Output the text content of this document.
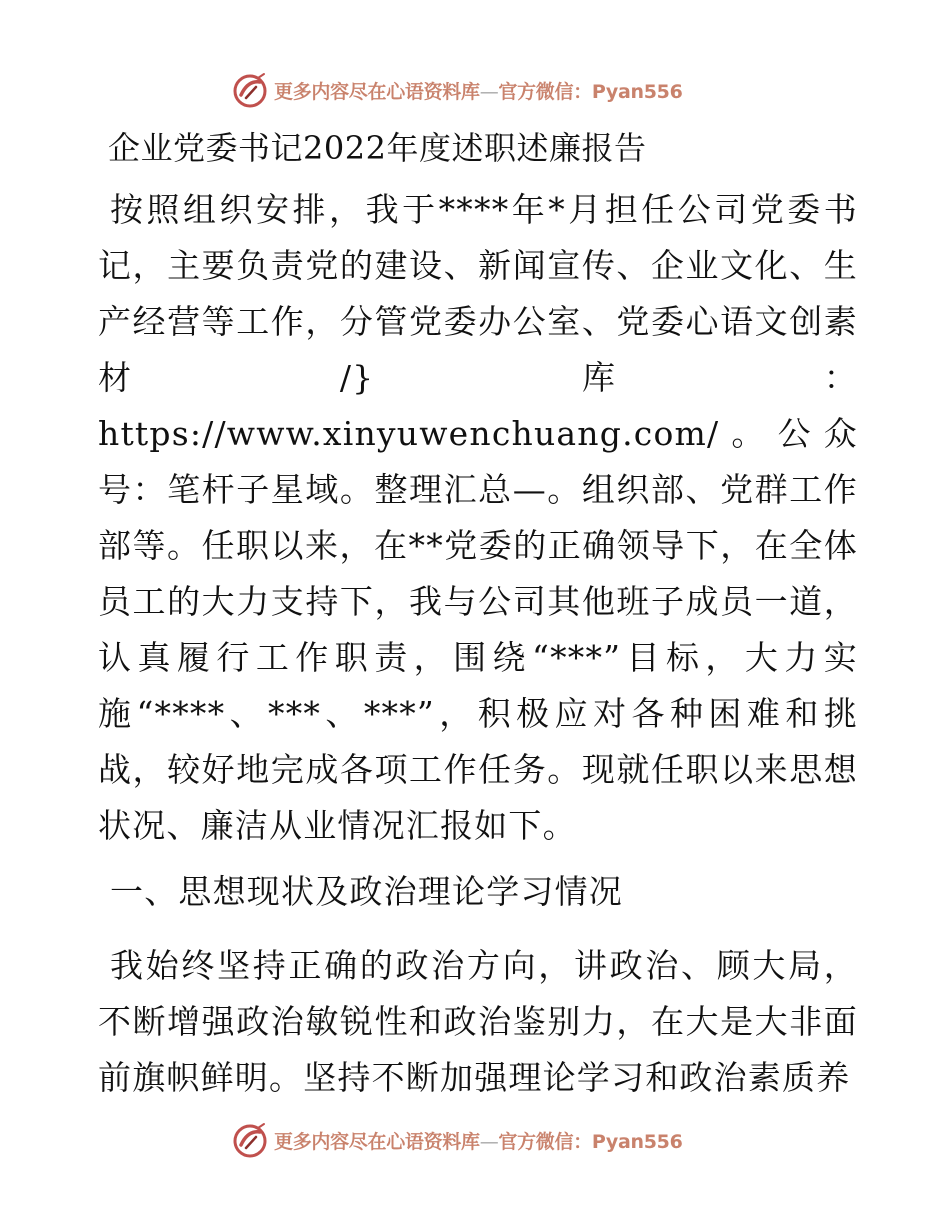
更多内容尽在心语资料库—官方微信：Pyan556
企业党委书记2022年度述职述廉报告

按照组织安排，我于****年*月担任公司党委书记，主要负责党的建设、新闻宣传、企业文化、生产经营等工作，分管党委办公室、党委心语文创素材/}库：https://www.xinyuwenchuang.com/。公众号：笔杆子星域。整理汇总—。组织部、党群工作部等。任职以来，在**党委的正确领导下，在全体员工的大力支持下，我与公司其他班子成员一道，认真履行工作职责，围绕“***”目标，大力实施“****、***、***”，积极应对各种困难和挑战，较好地完成各项工作任务。现就任职以来思想状况、廉洁从业情况汇报如下。

一、思想现状及政治理论学习情况

我始终坚持正确的政治方向，讲政治、顾大局，不断增强政治敏锐性和政治鉴别力，在大是大非面前旗帜鲜明。坚持不断加强理论学习和政治素质养

更多内容尽在心语资料库—官方微信：Pyan556
